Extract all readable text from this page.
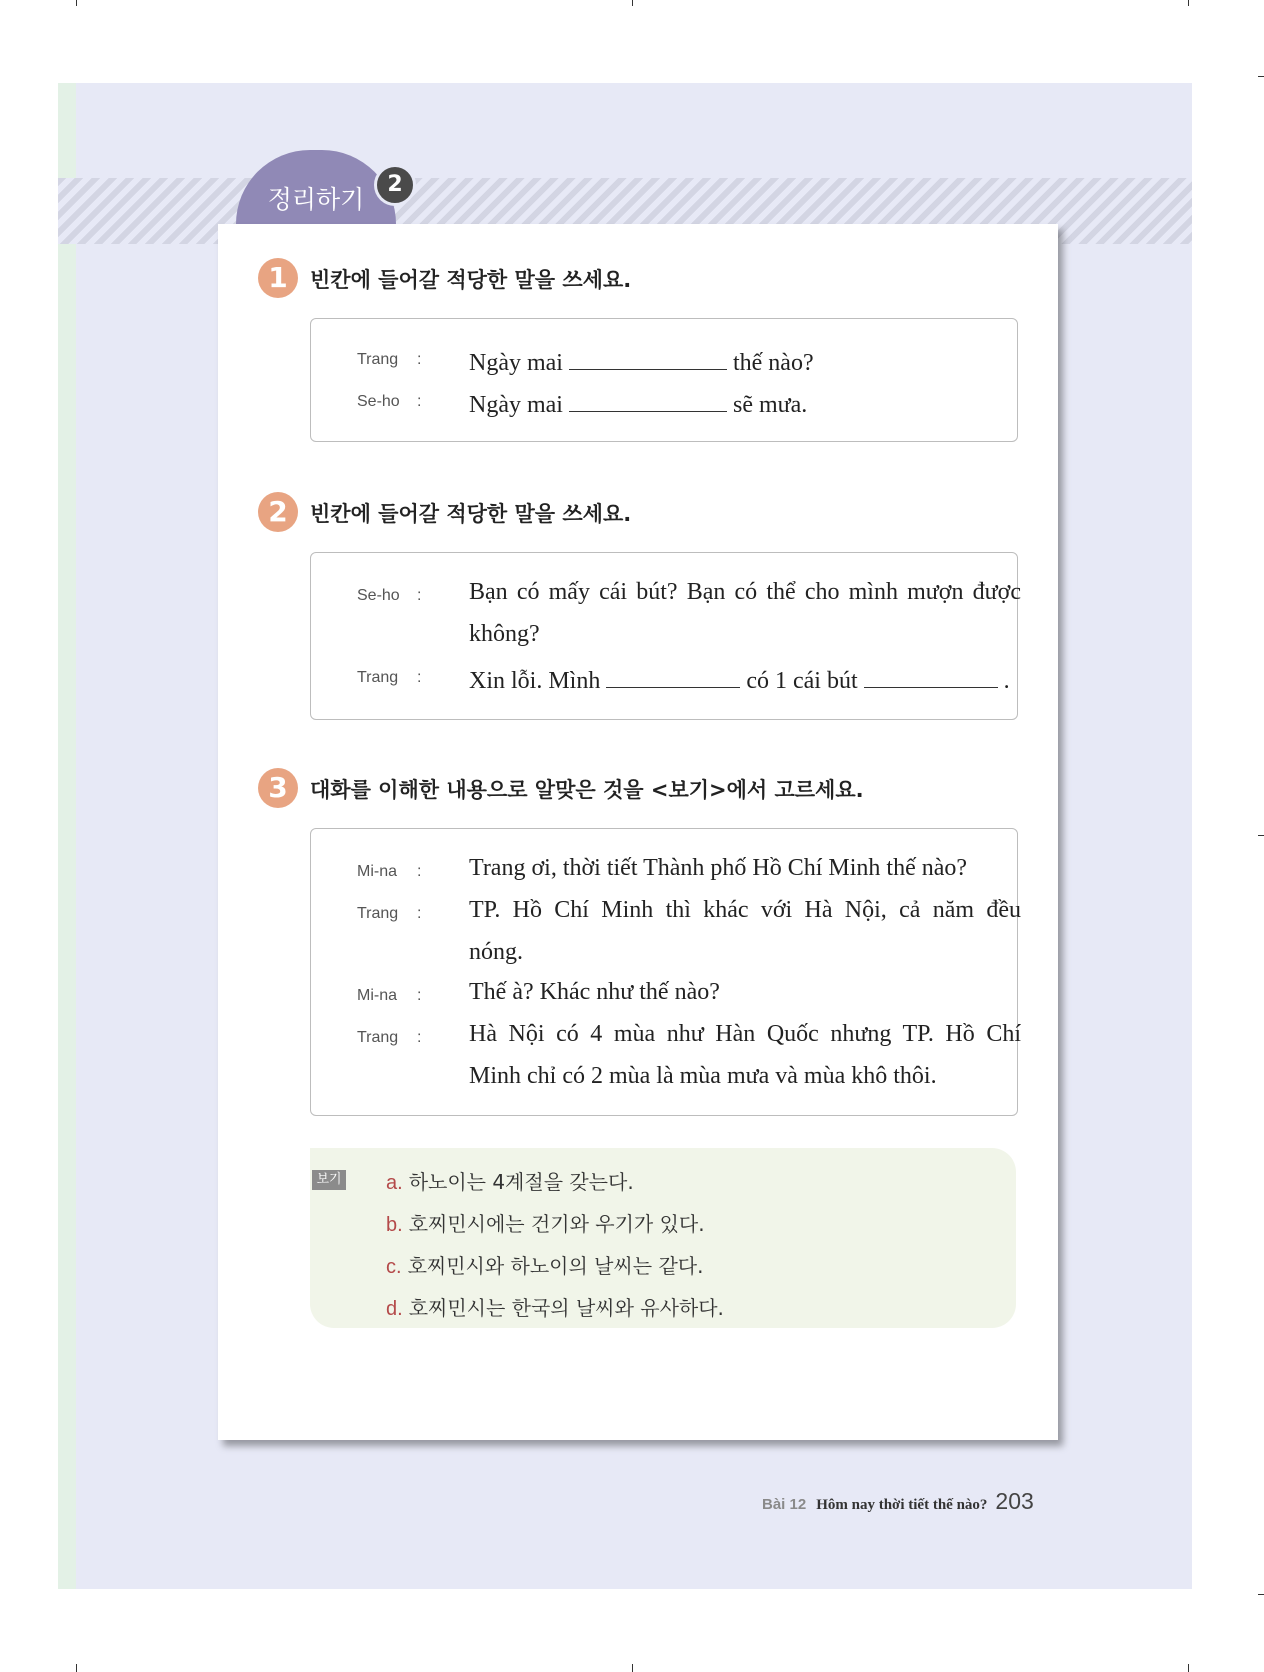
정리하기
2
1	빈칸에 들어갈 적당한 말을 쓰세요.
Trang	: Ngày mai	thế nào?
Se-ho	: Ngày mai	sẽ mưa.
2	빈칸에 들어갈 적당한 말을 쓰세요.
Se-ho	: Bạn có mấy cái bút? Bạn có thể cho mình mượn được
không?
Trang	: Xin lỗi. Mình	có 1 cái bút	.
3	대화를 이해한 내용으로 알맞은 것을 <보기>에서 고르세요.
Mi-na	: Trang ơi, thời tiết Thành phố Hồ Chí Minh thế nào?
Trang	: TP. Hồ Chí Minh thì khác với Hà Nội, cả năm đều
nóng.
Mi-na	: Thế à? Khác như thế nào?
Trang	: Hà Nội có 4 mùa như Hàn Quốc nhưng TP. Hồ Chí
Minh chỉ có 2 mùa là mùa mưa và mùa khô thôi.
보기 a. 하노이는 4계절을 갖는다.
b. 호찌민시에는 건기와 우기가 있다.
c. 호찌민시와 하노이의 날씨는 같다.
d. 호찌민시는 한국의 날씨와 유사하다.
Bài 12 Hôm nay thời tiết thế nào? 203
